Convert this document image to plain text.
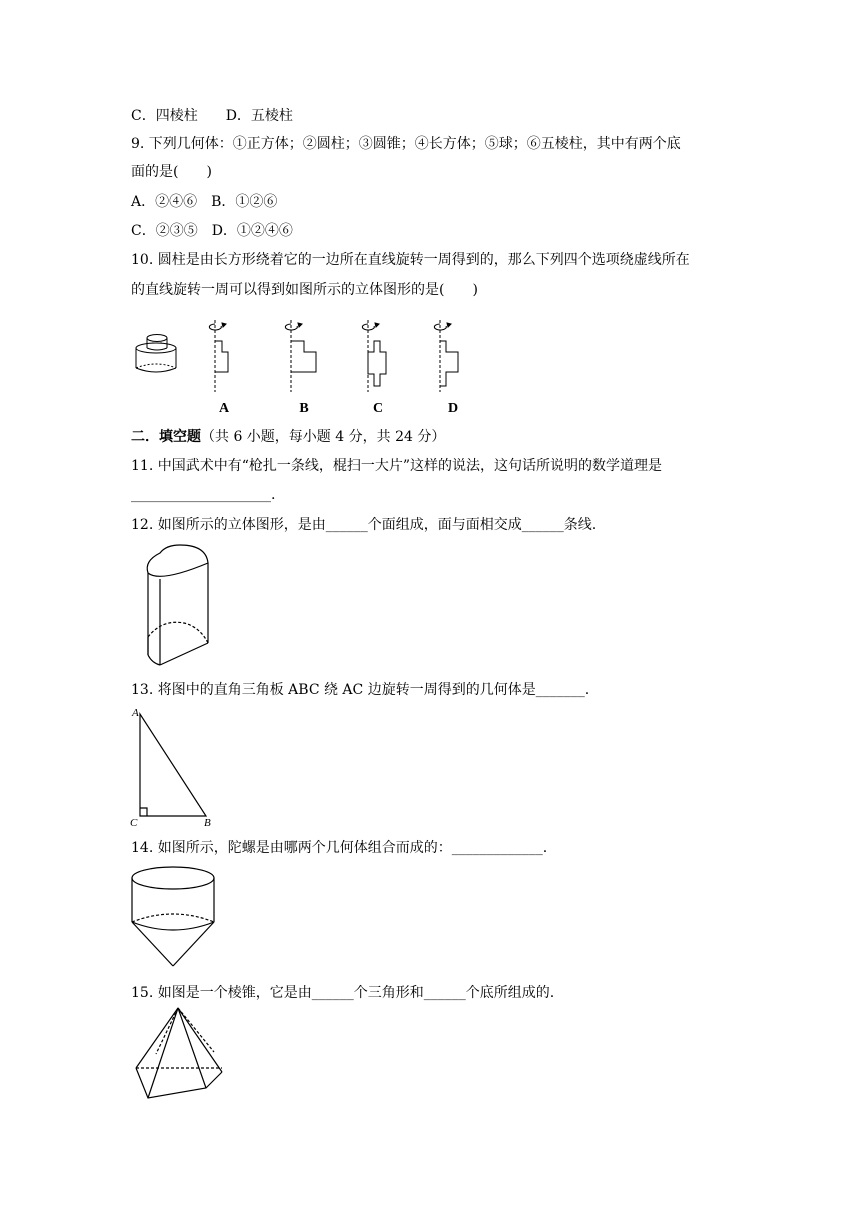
C．四棱柱　　D．五棱柱
9. 下列几何体：①正方体；②圆柱；③圆锥；④长方体；⑤球；⑥五棱柱，其中有两个底
面的是(　　)
A．②④⑥　B．①②⑥
C．②③⑤　D．①②④⑥
10. 圆柱是由长方形绕着它的一边所在直线旋转一周得到的，那么下列四个选项绕虚线所在
的直线旋转一周可以得到如图所示的立体图形的是(　　)
A	B	C	D
二．填空题（共 6 小题，每小题 4 分，共 24 分）
11. 中国武术中有“枪扎一条线，棍扫一大片”这样的说法，这句话所说明的数学道理是
____________________.
12. 如图所示的立体图形，是由______个面组成，面与面相交成______条线.
13. 将图中的直角三角板 ABC 绕 AC 边旋转一周得到的几何体是_______.
A
C	B
14. 如图所示，陀螺是由哪两个几何体组合而成的：_____________.
15. 如图是一个棱锥，它是由______个三角形和______个底所组成的.
